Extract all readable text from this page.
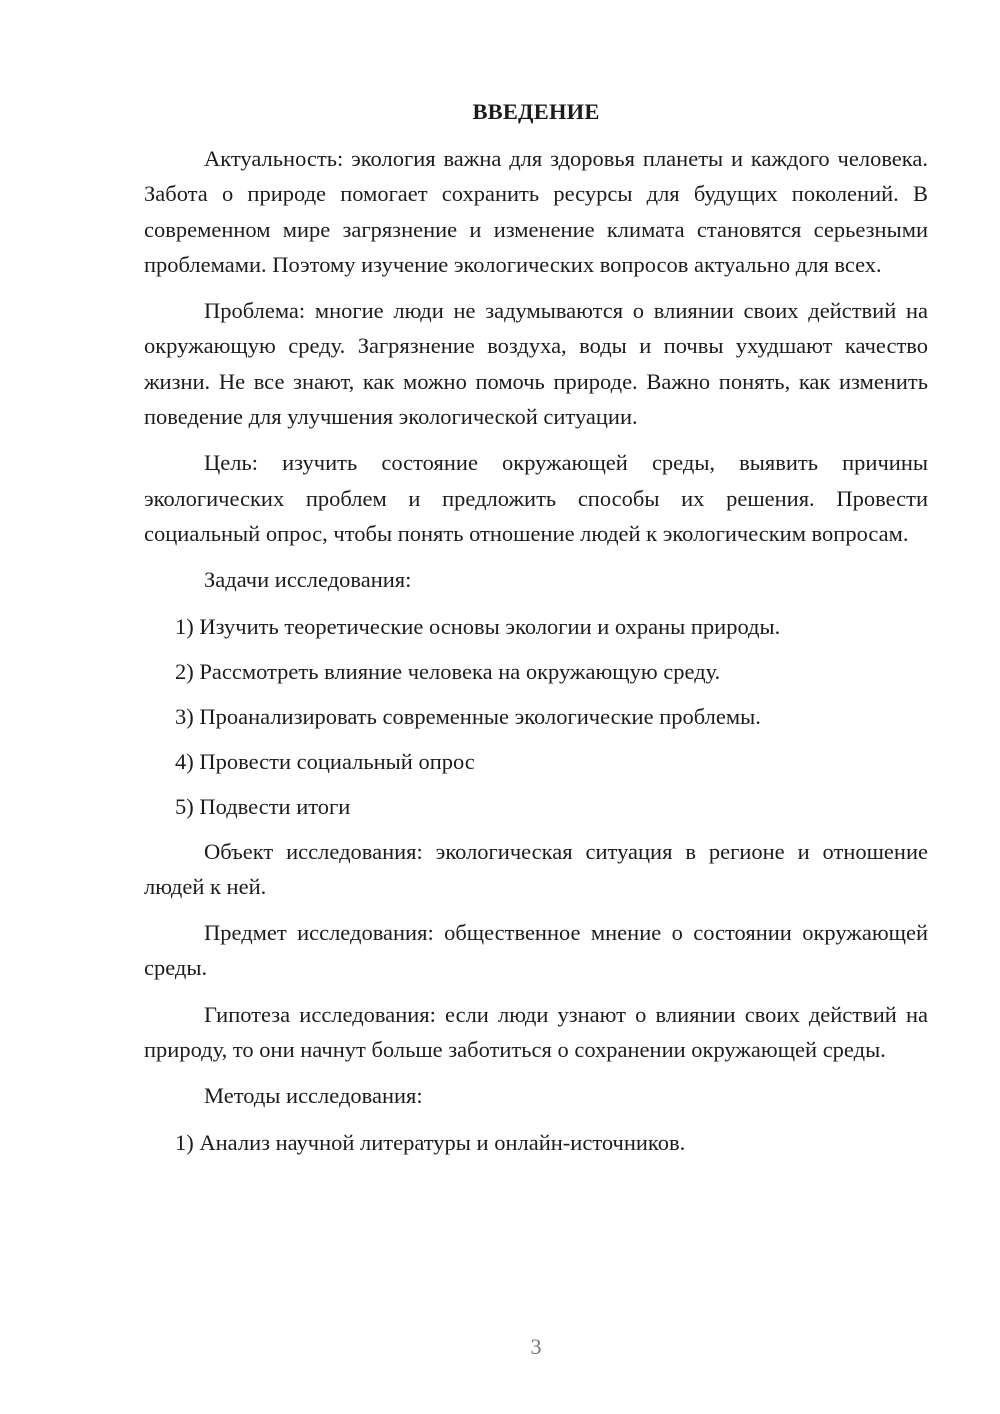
ВВЕДЕНИЕ

Актуальность: экология важна для здоровья планеты и каждого человека. Забота о природе помогает сохранить ресурсы для будущих поколений. В современном мире загрязнение и изменение климата становятся серьезными проблемами. Поэтому изучение экологических вопросов актуально для всех.

Проблема: многие люди не задумываются о влиянии своих действий на окружающую среду. Загрязнение воздуха, воды и почвы ухудшают качество жизни. Не все знают, как можно помочь природе. Важно понять, как изменить поведение для улучшения экологической ситуации.

Цель: изучить состояние окружающей среды, выявить причины экологических проблем и предложить способы их решения. Провести социальный опрос, чтобы понять отношение людей к экологическим вопросам.

Задачи исследования:

1) Изучить теоретические основы экологии и охраны природы.
2) Рассмотреть влияние человека на окружающую среду.
3) Проанализировать современные экологические проблемы.
4) Провести социальный опрос
5) Подвести итоги

Объект исследования: экологическая ситуация в регионе и отношение людей к ней.

Предмет исследования: общественное мнение о состоянии окружающей среды.

Гипотеза исследования: если люди узнают о влиянии своих действий на природу, то они начнут больше заботиться о сохранении окружающей среды.

Методы исследования:

1) Анализ научной литературы и онлайн-источников.
3
